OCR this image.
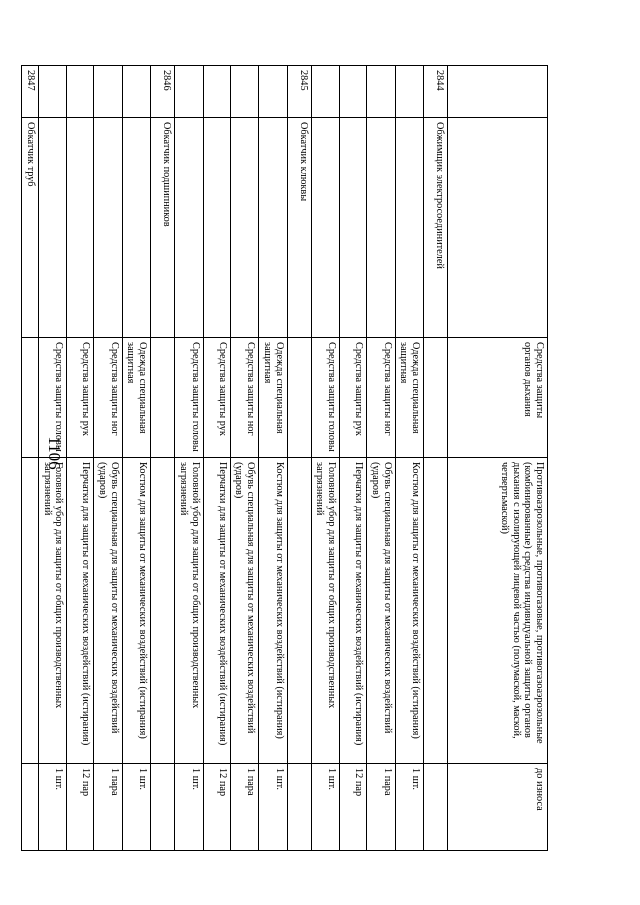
1106
		Средства защиты органов дыхания	Противоаэрозольные, противогазовые, противогазоаэрозольные (комбинированные) средства индивидуальной защиты органов дыхания с изолирующей лицевой частью (полумаской, маской, четвертьмаской)	до износа
2844	Обжимщик электросоединителей			
		Одежда специальная защитная	Костюм для защиты от механических воздействий (истирания)	1 шт.
		Средства защиты ног	Обувь специальная для защиты от механических воздействий (ударов)	1 пара
		Средства защиты рук	Перчатки для защиты от механических воздействий (истирания)	12 пар
		Средства защиты головы	Головной убор для защиты от общих производственных загрязнений	1 шт.
2845	Обкатчик клюквы			
		Одежда специальная защитная	Костюм для защиты от механических воздействий (истирания)	1 шт.
		Средства защиты ног	Обувь специальная для защиты от механических воздействий (ударов)	1 пара
		Средства защиты рук	Перчатки для защиты от механических воздействий (истирания)	12 пар
		Средства защиты головы	Головной убор для защиты от общих производственных загрязнений	1 шт.
2846	Обкатчик подшипников			
		Одежда специальная защитная	Костюм для защиты от механических воздействий (истирания)	1 шт.
		Средства защиты ног	Обувь специальная для защиты от механических воздействий (ударов)	1 пара
		Средства защиты рук	Перчатки для защиты от механических воздействий (истирания)	12 пар
		Средства защиты головы	Головной убор для защиты от общих производственных загрязнений	1 шт.
2847	Обкатчик труб			
